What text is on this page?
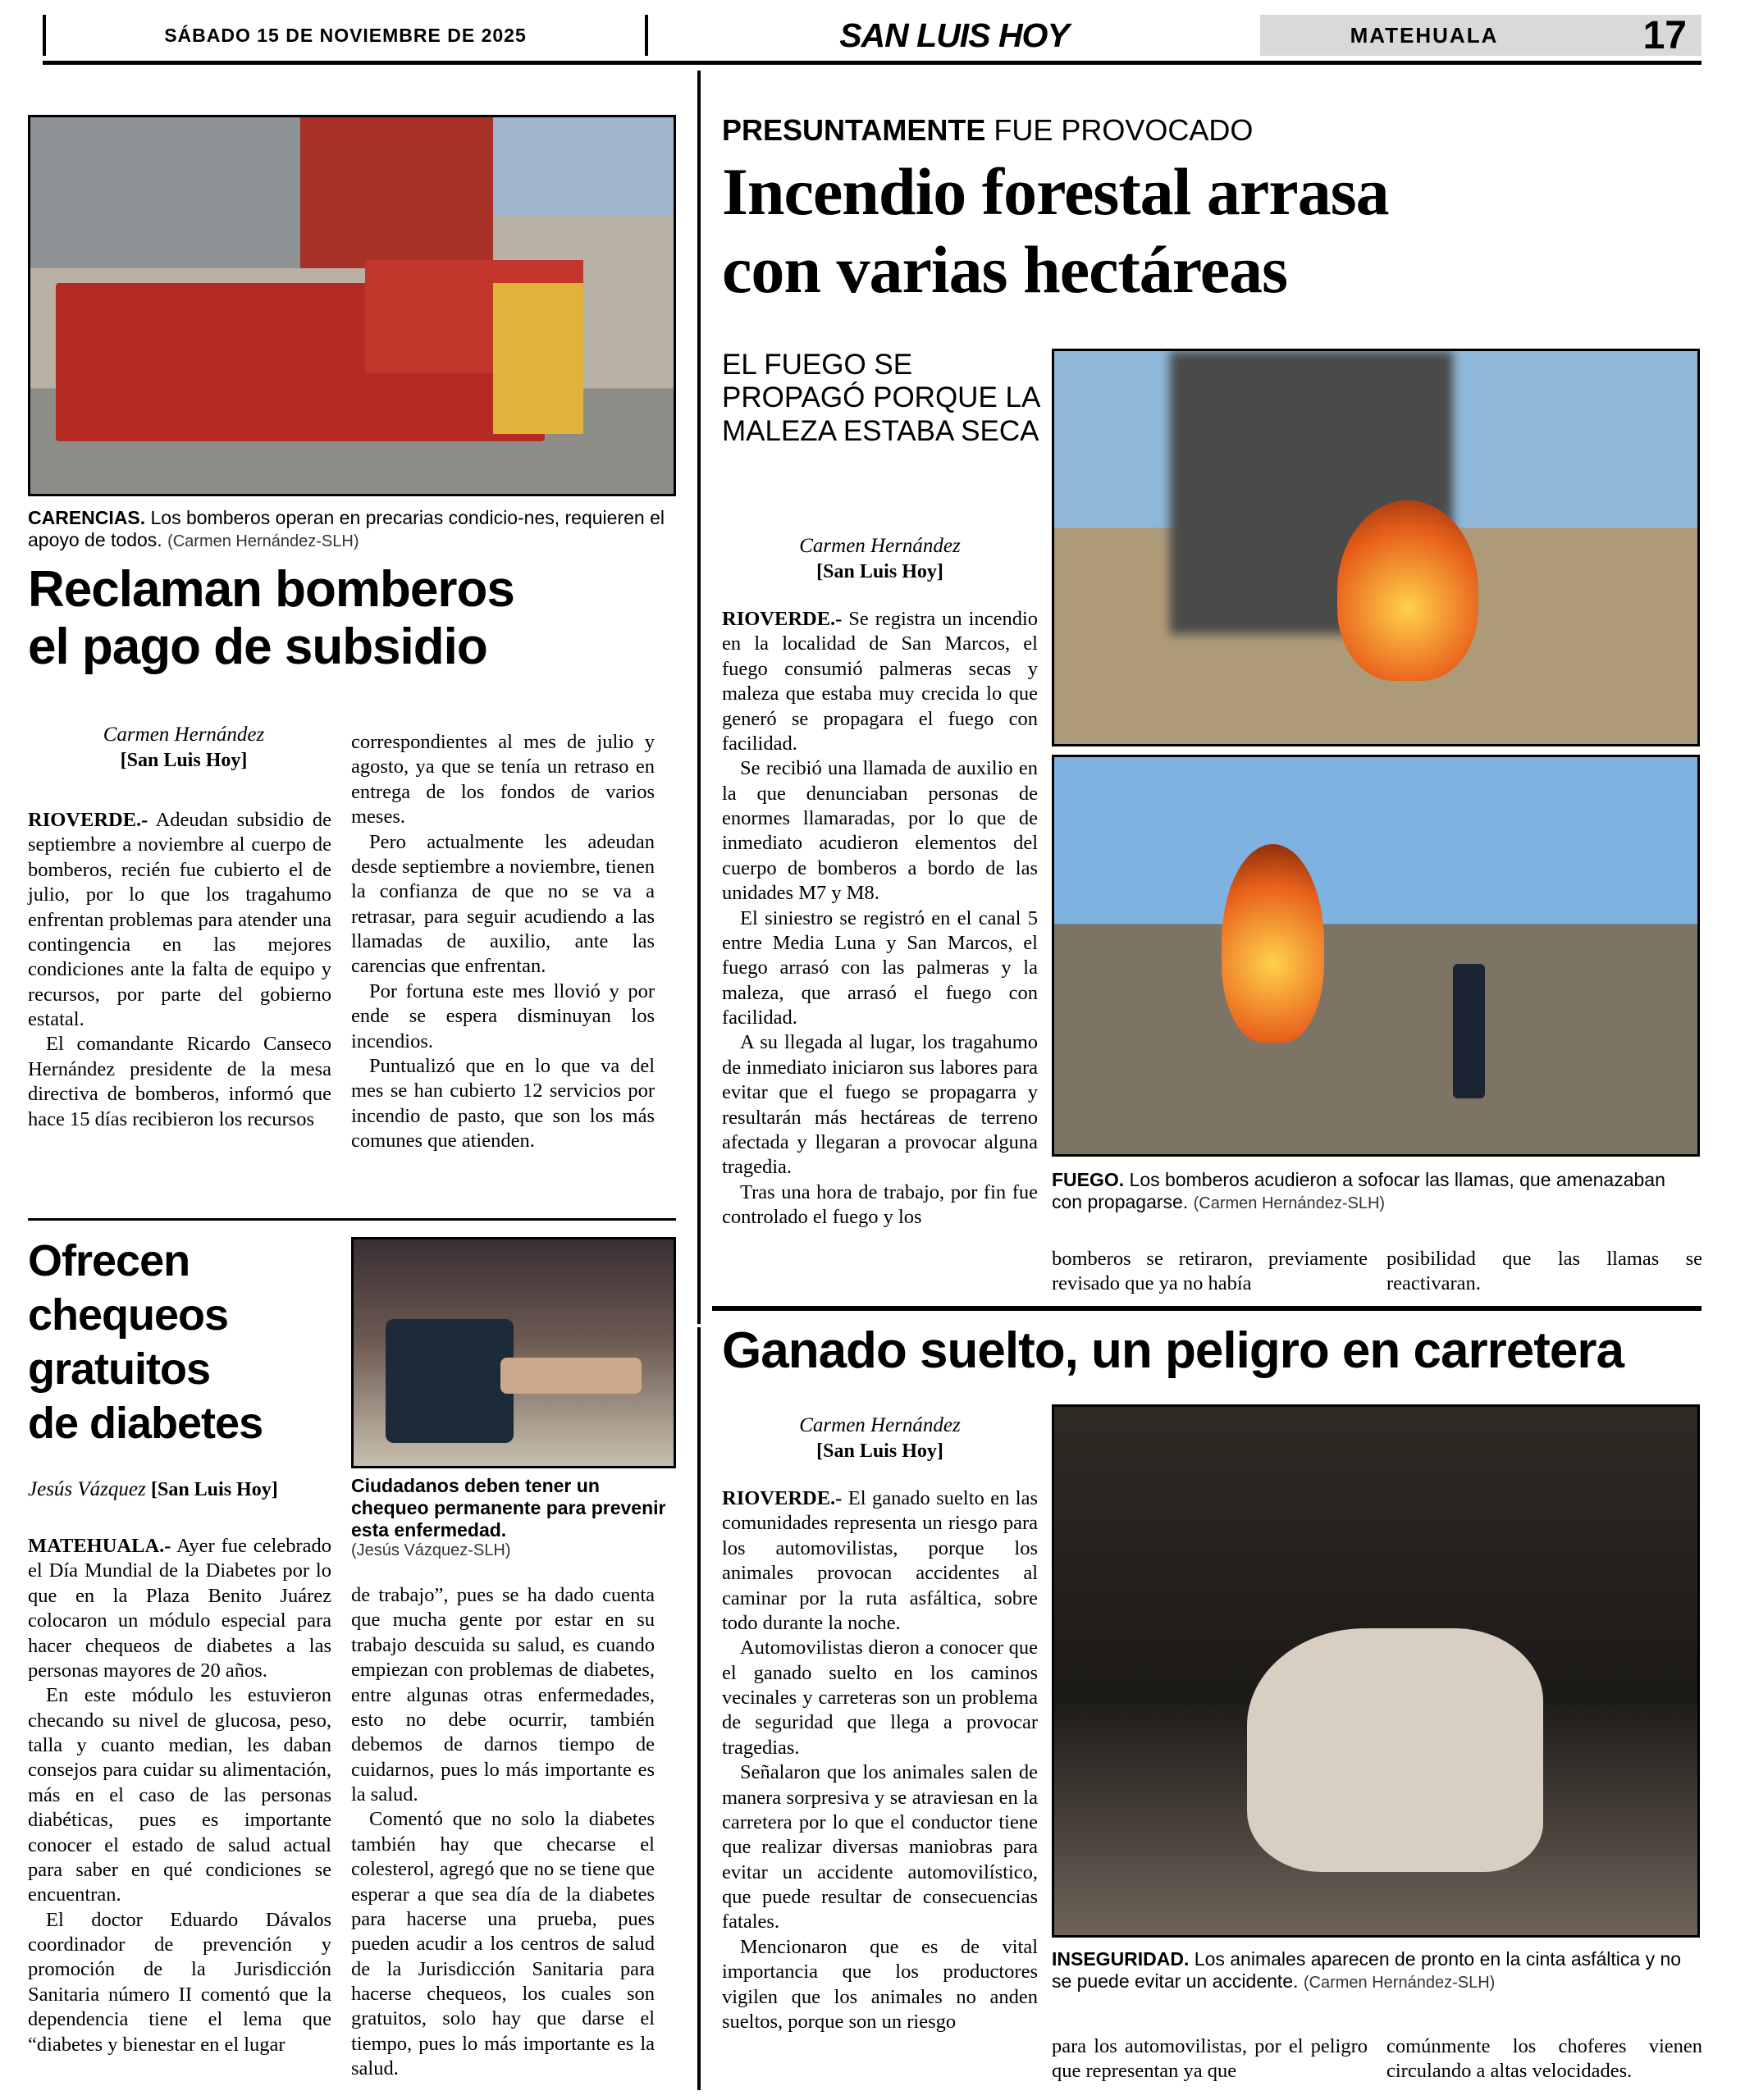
SÁBADO 15 DE NOVIEMBRE DE 2025	SAN LUIS HOY	MATEHUALA	17
CARENCIAS. Los bomberos operan en precarias condicio-nes, requieren el apoyo de todos. (Carmen Hernández-SLH)
Reclaman bomberos
el pago de subsidio
Carmen Hernández
[San Luis Hoy]

RIOVERDE.- Adeudan subsidio de septiembre a noviembre al cuerpo de bomberos, recién fue cubierto el de julio, por lo que los tragahumo enfrentan problemas para atender una contingencia en las mejores condiciones ante la falta de equipo y recursos, por parte del gobierno estatal.

El comandante Ricardo Canseco Hernández presidente de la mesa directiva de bomberos, informó que hace 15 días recibieron los recursos

correspondientes al mes de julio y agosto, ya que se tenía un retraso en entrega de los fondos de varios meses.

Pero actualmente les adeudan desde septiembre a noviembre, tienen la confianza de que no se va a retrasar, para seguir acudiendo a las llamadas de auxilio, ante las carencias que enfrentan.

Por fortuna este mes llovió y por ende se espera disminuyan los incendios.

Puntualizó que en lo que va del mes se han cubierto 12 servicios por incendio de pasto, que son los más comunes que atienden.

Ofrecen
chequeos
gratuitos
de diabetes
Ciudadanos deben tener un chequeo permanente para prevenir esta enfermedad.
(Jesús Vázquez-SLH)
Jesús Vázquez [San Luis Hoy]

MATEHUALA.- Ayer fue celebrado el Día Mundial de la Diabetes por lo que en la Plaza Benito Juárez colocaron un módulo especial para hacer chequeos de diabetes a las personas mayores de 20 años.

En este módulo les estuvieron checando su nivel de glucosa, peso, talla y cuanto median, les daban consejos para cuidar su alimentación, más en el caso de las personas diabéticas, pues es importante conocer el estado de salud actual para saber en qué condiciones se encuentran.

El doctor Eduardo Dávalos coordinador de prevención y promoción de la Jurisdicción Sanitaria número II comentó que la dependencia tiene el lema que “diabetes y bienestar en el lugar

de trabajo”, pues se ha dado cuenta que mucha gente por estar en su trabajo descuida su salud, es cuando empiezan con problemas de diabetes, entre algunas otras enfermedades, esto no debe ocurrir, también debemos de darnos tiempo de cuidarnos, pues lo más importante es la salud.

Comentó que no solo la diabetes también hay que checarse el colesterol, agregó que no se tiene que esperar a que sea día de la diabetes para hacerse una prueba, pues pueden acudir a los centros de salud de la Jurisdicción Sanitaria para hacerse chequeos, los cuales son gratuitos, solo hay que darse el tiempo, pues lo más importante es la salud.

PRESUNTAMENTE FUE PROVOCADO
Incendio forestal arrasa
con varias hectáreas
EL FUEGO SE PROPAGÓ PORQUE LA MALEZA ESTABA SECA
Carmen Hernández
[San Luis Hoy]

RIOVERDE.- Se registra un incendio en la localidad de San Marcos, el fuego consumió palmeras secas y maleza que estaba muy crecida lo que generó se propagara el fuego con facilidad.

Se recibió una llamada de auxilio en la que denunciaban personas de enormes llamaradas, por lo que de inmediato acudieron elementos del cuerpo de bomberos a bordo de las unidades M7 y M8.

El siniestro se registró en el canal 5 entre Media Luna y San Marcos, el fuego arrasó con las palmeras y la maleza, que arrasó el fuego con facilidad.

A su llegada al lugar, los tragahumo de inmediato iniciaron sus labores para evitar que el fuego se propagarra y resultarán más hectáreas de terreno afectada y llegaran a provocar alguna tragedia.

Tras una hora de trabajo, por fin fue controlado el fuego y los

FUEGO. Los bomberos acudieron a sofocar las llamas, que amenazaban con propagarse. (Carmen Hernández-SLH)

bomberos se retiraron, previamente revisado que ya no había

posibilidad que las llamas se reactivaran.

Ganado suelto, un peligro en carretera
Carmen Hernández
[San Luis Hoy]

RIOVERDE.- El ganado suelto en las comunidades representa un riesgo para los automovilistas, porque los animales provocan accidentes al caminar por la ruta asfáltica, sobre todo durante la noche.

Automovilistas dieron a conocer que el ganado suelto en los caminos vecinales y carreteras son un problema de seguridad que llega a provocar tragedias.

Señalaron que los animales salen de manera sorpresiva y se atraviesan en la carretera por lo que el conductor tiene que realizar diversas maniobras para evitar un accidente automovilístico, que puede resultar de consecuencias fatales.

Mencionaron que es de vital importancia que los productores vigilen que los animales no anden sueltos, porque son un riesgo

INSEGURIDAD. Los animales aparecen de pronto en la cinta asfáltica y no se puede evitar un accidente. (Carmen Hernández-SLH)

para los automovilistas, por el peligro que representan ya que

comúnmente los choferes vienen circulando a altas velocidades.
